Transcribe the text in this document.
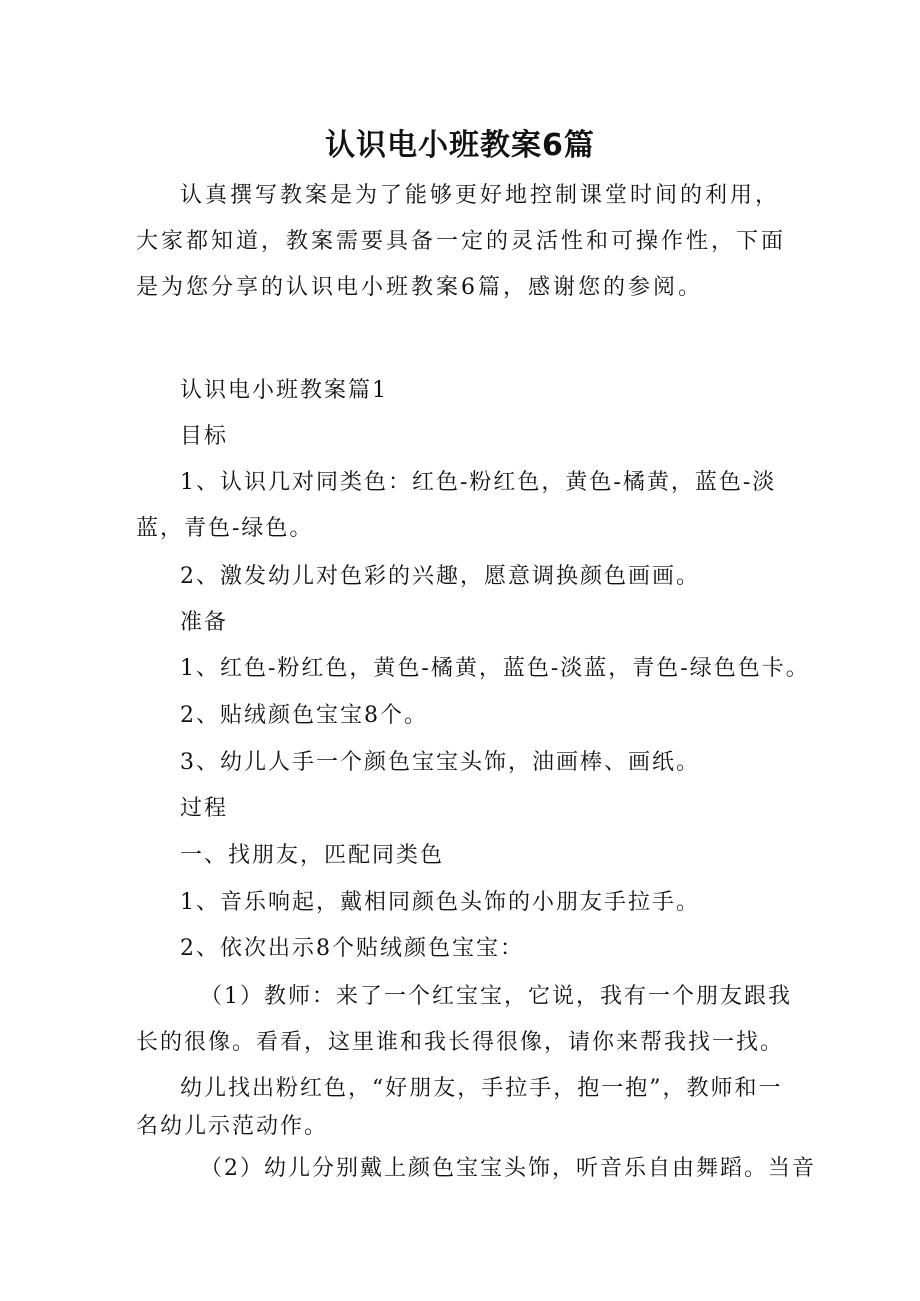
认识电小班教案6篇

认真撰写教案是为了能够更好地控制课堂时间的利用，大家都知道，教案需要具备一定的灵活性和可操作性，下面是为您分享的认识电小班教案6篇，感谢您的参阅。

认识电小班教案篇1

目标

1、认识几对同类色：红色-粉红色，黄色-橘黄，蓝色-淡蓝，青色-绿色。

2、激发幼儿对色彩的兴趣，愿意调换颜色画画。

准备

1、红色-粉红色，黄色-橘黄，蓝色-淡蓝，青色-绿色色卡。

2、贴绒颜色宝宝8个。

3、幼儿人手一个颜色宝宝头饰，油画棒、画纸。

过程

一、找朋友，匹配同类色

1、音乐响起，戴相同颜色头饰的小朋友手拉手。

2、依次出示8个贴绒颜色宝宝：

（1）教师：来了一个红宝宝，它说，我有一个朋友跟我长的很像。看看，这里谁和我长得很像，请你来帮我找一找。

幼儿找出粉红色，“好朋友，手拉手，抱一抱”，教师和一名幼儿示范动作。

（2）幼儿分别戴上颜色宝宝头饰，听音乐自由舞蹈。当音
